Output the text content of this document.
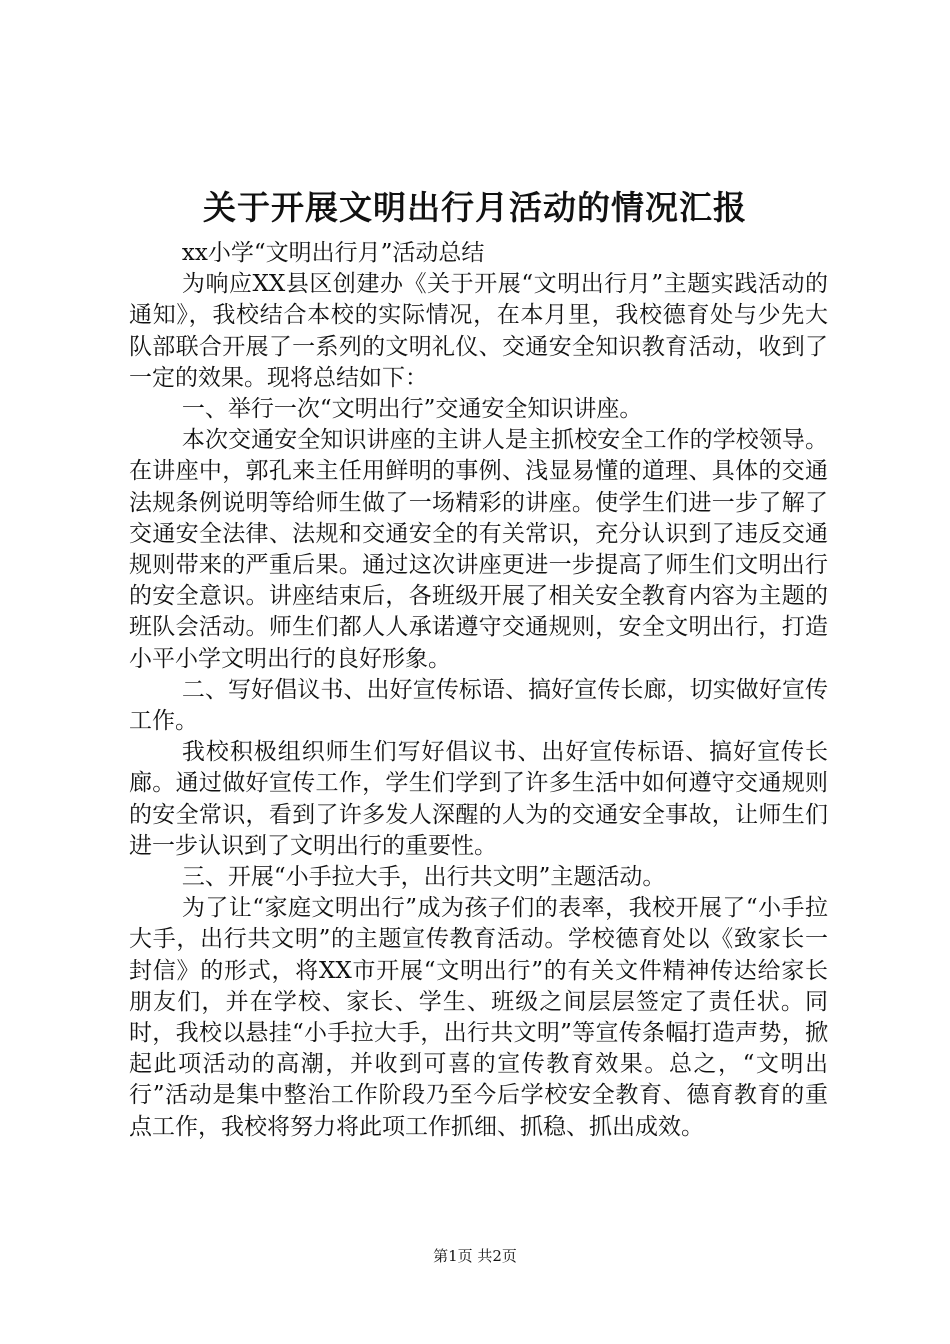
关于开展文明出行月活动的情况汇报

xx小学“文明出行月”活动总结

为响应XX县区创建办《关于开展“文明出行月”主题实践活动的通知》，我校结合本校的实际情况，在本月里，我校德育处与少先大队部联合开展了一系列的文明礼仪、交通安全知识教育活动，收到了一定的效果。现将总结如下：

一、举行一次“文明出行”交通安全知识讲座。

本次交通安全知识讲座的主讲人是主抓校安全工作的学校领导。在讲座中，郭孔来主任用鲜明的事例、浅显易懂的道理、具体的交通法规条例说明等给师生做了一场精彩的讲座。使学生们进一步了解了交通安全法律、法规和交通安全的有关常识，充分认识到了违反交通规则带来的严重后果。通过这次讲座更进一步提高了师生们文明出行的安全意识。讲座结束后，各班级开展了相关安全教育内容为主题的班队会活动。师生们都人人承诺遵守交通规则，安全文明出行，打造小平小学文明出行的良好形象。

二、写好倡议书、出好宣传标语、搞好宣传长廊，切实做好宣传工作。

我校积极组织师生们写好倡议书、出好宣传标语、搞好宣传长廊。通过做好宣传工作，学生们学到了许多生活中如何遵守交通规则的安全常识，看到了许多发人深醒的人为的交通安全事故，让师生们进一步认识到了文明出行的重要性。

三、开展“小手拉大手，出行共文明”主题活动。

为了让“家庭文明出行”成为孩子们的表率，我校开展了“小手拉大手，出行共文明”的主题宣传教育活动。学校德育处以《致家长一封信》的形式，将XX市开展“文明出行”的有关文件精神传达给家长朋友们，并在学校、家长、学生、班级之间层层签定了责任状。同时，我校以悬挂“小手拉大手，出行共文明”等宣传条幅打造声势，掀起此项活动的高潮，并收到可喜的宣传教育效果。总之，“文明出行”活动是集中整治工作阶段乃至今后学校安全教育、德育教育的重点工作，我校将努力将此项工作抓细、抓稳、抓出成效。

第1页 共2页
